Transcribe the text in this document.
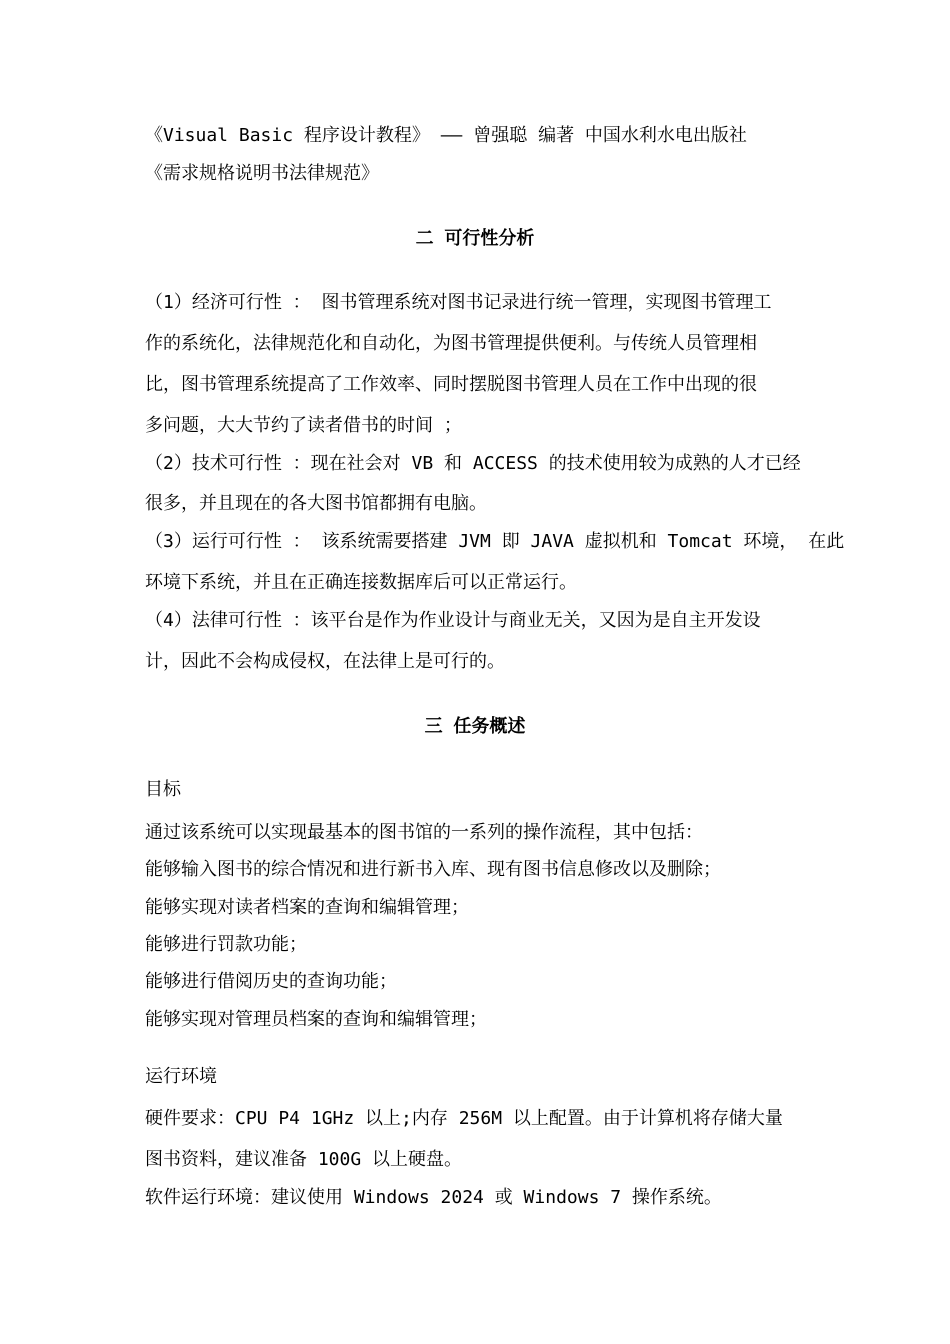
《Visual Basic 程序设计教程》 —— 曾强聪 编著 中国水利水电出版社

《需求规格说明书法律规范》

二 可行性分析

（1）经济可行性 ： 图书管理系统对图书记录进行统一管理，实现图书管理工

作的系统化，法律规范化和自动化，为图书管理提供便利。与传统人员管理相

比，图书管理系统提高了工作效率、同时摆脱图书管理人员在工作中出现的很

多问题，大大节约了读者借书的时间 ；

（2）技术可行性 ：现在社会对 VB 和 ACCESS 的技术使用较为成熟的人才已经

很多，并且现在的各大图书馆都拥有电脑。

（3）运行可行性 ： 该系统需要搭建 JVM 即 JAVA 虚拟机和 Tomcat 环境， 在此

环境下系统，并且在正确连接数据库后可以正常运行。

（4）法律可行性 ：该平台是作为作业设计与商业无关，又因为是自主开发设

计，因此不会构成侵权，在法律上是可行的。

三 任务概述

目标

通过该系统可以实现最基本的图书馆的一系列的操作流程，其中包括：

能够输入图书的综合情况和进行新书入库、现有图书信息修改以及删除；

能够实现对读者档案的查询和编辑管理；

能够进行罚款功能；

能够进行借阅历史的查询功能；

能够实现对管理员档案的查询和编辑管理；

运行环境

硬件要求：CPU P4 1GHz 以上;内存 256M 以上配置。由于计算机将存储大量

图书资料，建议准备 100G 以上硬盘。

软件运行环境：建议使用 Windows 2024 或 Windows 7 操作系统。
